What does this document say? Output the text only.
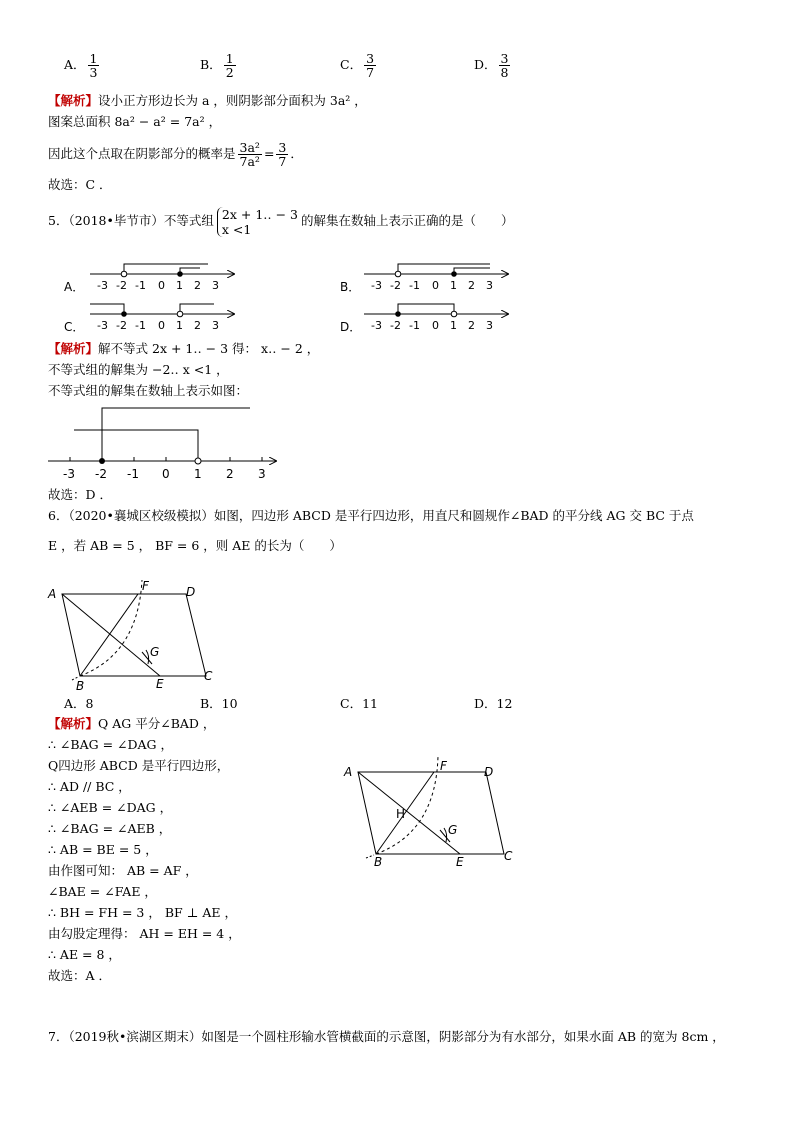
A． $\frac{1}{3}$	B． $\frac{1}{2}$	C． $\frac{3}{7}$	D． $\frac{3}{8}$
【解析】设小正方形边长为 a ，则阴影部分面积为 3a² ，
图案总面积 8a² − a² = 7a² ，
因此这个点取在阴影部分的概率是 $\frac{\text{3a²}}{\text{7a²}} = \frac{3}{7}$ ．
故选：C ．
5．（2018•毕节市）不等式组 2x + 1‥ − 3
x <1的解集在数轴上表示正确的是（　　）
A．	B．
C．	D．
-3 -2 -1 0 1 2 3	-3 -2 -1 0 1 2 3
-3 -2 -1 0 1 2 3	-3 -2 -1 0 1 2 3
-3 -2 -1 0 1 2 3
A
F	D
G
B	E
C
A	F	D
H
G
B	E	C
【解析】解不等式 2x + 1‥ − 3 得： x‥ − 2 ，
不等式组的解集为 −2‥ x <1 ，
不等式组的解集在数轴上表示如图：
故选：D ．
6．（2020•襄城区校级模拟）如图，四边形 ABCD 是平行四边形，用直尺和圆规作∠BAD 的平分线 AG 交 BC 于点
E ，若 AB = 5 ， BF = 6 ，则 AE 的长为（　　）
A．8	B．10	C．11	D．12
【解析】Q AG 平分∠BAD ，
∴ ∠BAG = ∠DAG ，
Q四边形 ABCD 是平行四边形，
∴ AD // BC ，
∴ ∠AEB = ∠DAG ，
∴ ∠BAG = ∠AEB ，
∴ AB = BE = 5 ，
由作图可知： AB = AF ，
∠BAE = ∠FAE ，
∴ BH = FH = 3 ， BF ⊥ AE ，
由勾股定理得： AH = EH = 4 ，
∴ AE = 8 ，
故选：A ．
7．（2019秋•滨湖区期末）如图是一个圆柱形输水管横截面的示意图，阴影部分为有水部分，如果水面 AB 的宽为 8cm ，
